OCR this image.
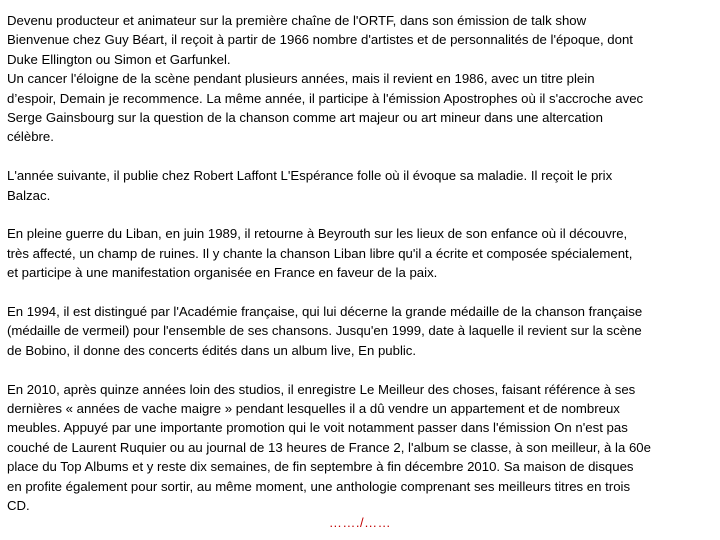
Devenu producteur et animateur sur la première chaîne de l'ORTF, dans son émission de talk show
Bienvenue chez Guy Béart, il reçoit à partir de 1966 nombre d'artistes et de personnalités de l'époque, dont
Duke Ellington ou Simon et Garfunkel.
Un cancer l'éloigne de la scène pendant plusieurs années, mais il revient en 1986, avec un titre plein
d’espoir, Demain je recommence. La même année, il participe à l'émission Apostrophes où il s'accroche avec
Serge Gainsbourg sur la question de la chanson comme art majeur ou art mineur dans une altercation
célèbre.

L'année suivante, il publie chez Robert Laffont L'Espérance folle où il évoque sa maladie. Il reçoit le prix
Balzac.

En pleine guerre du Liban, en juin 1989, il retourne à Beyrouth sur les lieux de son enfance où il découvre,
très affecté, un champ de ruines. Il y chante la chanson Liban libre qu'il a écrite et composée spécialement,
et participe à une manifestation organisée en France en faveur de la paix.

En 1994, il est distingué par l'Académie française, qui lui décerne la grande médaille de la chanson française
(médaille de vermeil) pour l'ensemble de ses chansons. Jusqu'en 1999, date à laquelle il revient sur la scène
de Bobino, il donne des concerts édités dans un album live, En public.

En 2010, après quinze années loin des studios, il enregistre Le Meilleur des choses, faisant référence à ses
dernières « années de vache maigre » pendant lesquelles il a dû vendre un appartement et de nombreux
meubles. Appuyé par une importante promotion qui le voit notamment passer dans l'émission On n'est pas
couché de Laurent Ruquier ou au journal de 13 heures de France 2, l'album se classe, à son meilleur, à la 60e
place du Top Albums et y reste dix semaines, de fin septembre à fin décembre 2010. Sa maison de disques
en profite également pour sortir, au même moment, une anthologie comprenant ses meilleurs titres en trois
CD.

……./……
